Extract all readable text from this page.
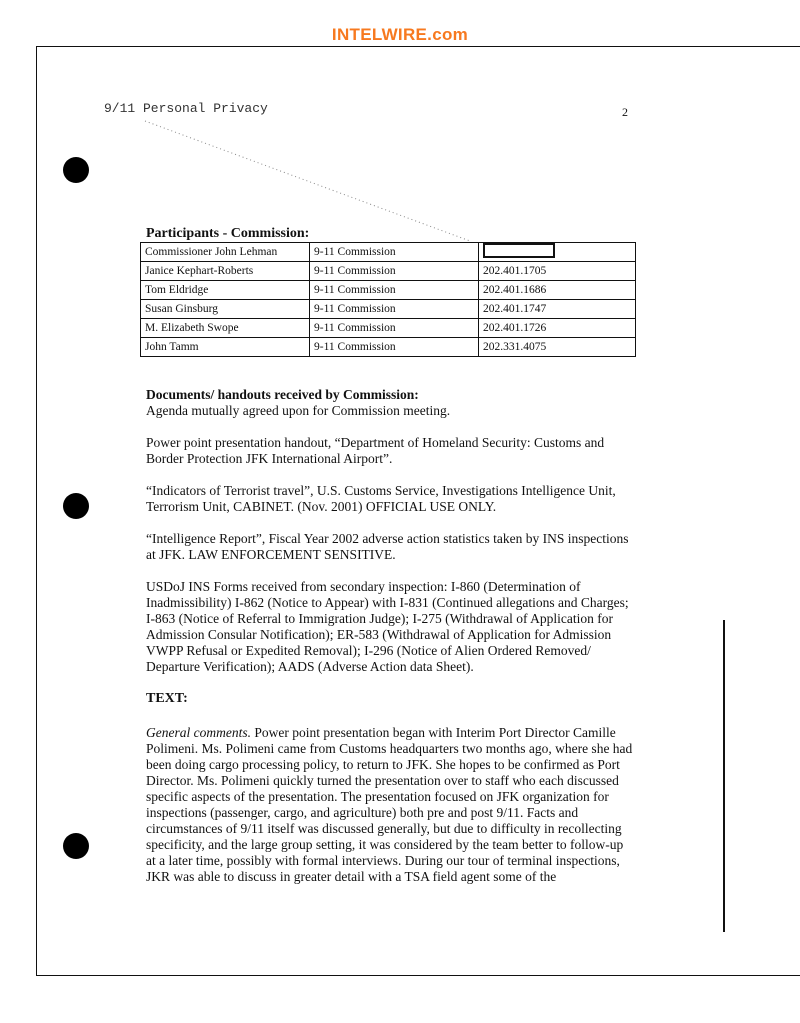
INTELWIRE.com
9/11 Personal Privacy	2
Participants - Commission:
Commissioner John Lehman	9-11 Commission	
Janice Kephart-Roberts	9-11 Commission	202.401.1705
Tom Eldridge	9-11 Commission	202.401.1686
Susan Ginsburg	9-11 Commission	202.401.1747
M. Elizabeth Swope	9-11 Commission	202.401.1726
John Tamm	9-11 Commission	202.331.4075
Documents/ handouts received by Commission:

Agenda mutually agreed upon for Commission meeting.

Power point presentation handout, “Department of Homeland Security: Customs and Border Protection JFK International Airport”.

“Indicators of Terrorist travel”, U.S. Customs Service, Investigations Intelligence Unit, Terrorism Unit, CABINET. (Nov. 2001) OFFICIAL USE ONLY.

“Intelligence Report”, Fiscal Year 2002 adverse action statistics taken by INS inspections at JFK. LAW ENFORCEMENT SENSITIVE.

USDoJ INS Forms received from secondary inspection: I-860 (Determination of Inadmissibility) I-862 (Notice to Appear) with I-831 (Continued allegations and Charges; I-863 (Notice of Referral to Immigration Judge); I-275 (Withdrawal of Application for Admission Consular Notification); ER-583 (Withdrawal of Application for Admission VWPP Refusal or Expedited Removal); I-296 (Notice of Alien Ordered Removed/ Departure Verification); AADS (Adverse Action data Sheet).

TEXT:

General comments. Power point presentation began with Interim Port Director Camille Polimeni. Ms. Polimeni came from Customs headquarters two months ago, where she had been doing cargo processing policy, to return to JFK. She hopes to be confirmed as Port Director. Ms. Polimeni quickly turned the presentation over to staff who each discussed specific aspects of the presentation. The presentation focused on JFK organization for inspections (passenger, cargo, and agriculture) both pre and post 9/11. Facts and circumstances of 9/11 itself was discussed generally, but due to difficulty in recollecting specificity, and the large group setting, it was considered by the team better to follow-up at a later time, possibly with formal interviews. During our tour of terminal inspections, JKR was able to discuss in greater detail with a TSA field agent some of the
